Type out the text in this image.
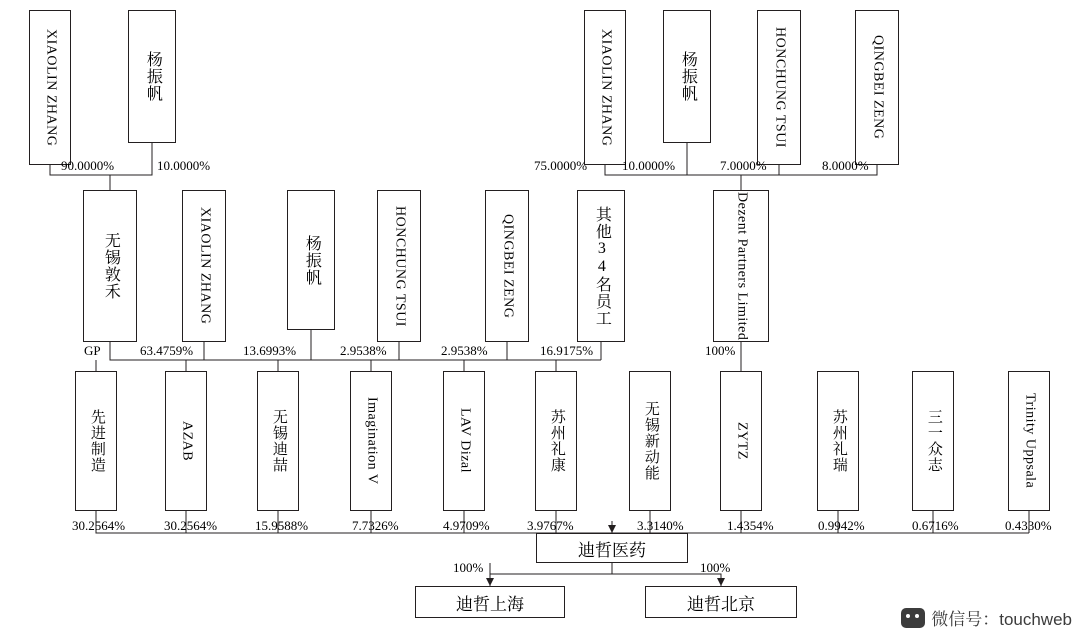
XIAOLIN ZHANG	杨振帆	XIAOLIN ZHANG	杨振帆	HONCHUNG TSUI	QINGBEI ZENG
无锡敦禾	XIAOLIN ZHANG	杨振帆	HONCHUNG TSUI	QINGBEI ZENG	其他34名员工	Dezent Partners Limited
先进制造	AZAB	无锡迪喆	Imagination V	LAV Dizal	苏州礼康	无锡新动能	ZYTZ	苏州礼瑞	三一众志	Trinity Uppsala
90.0000%	10.0000%	75.0000%	10.0000%	7.0000%	8.0000%
GP	63.4759%	13.6993%	2.9538%	2.9538%	16.9175%	100%
30.2564%	30.2564%	15.9588%	7.7326%	4.9709%	3.9767%	3.3140%	1.4354%	0.9942%	0.6716%	0.4330%
100%	100%
迪哲医药
迪哲上海	迪哲北京
微信号：touchweb
